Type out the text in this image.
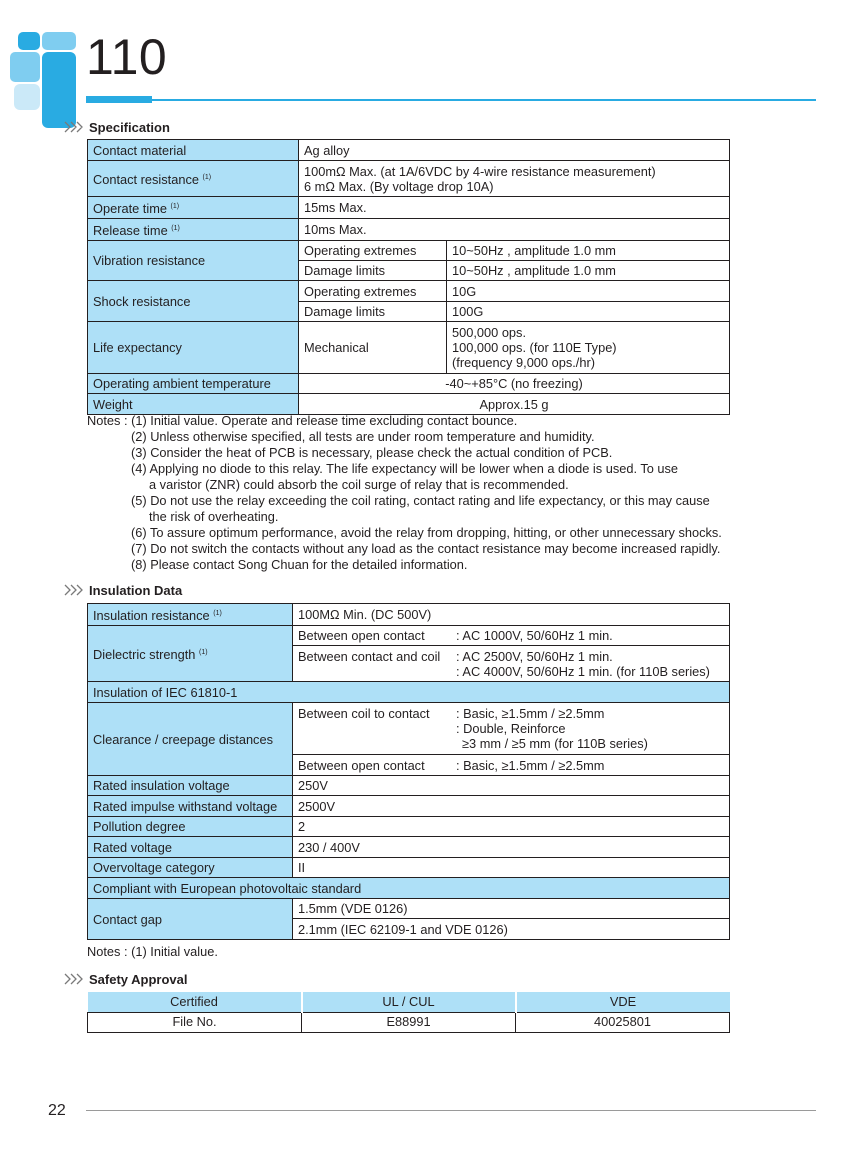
110
Specification
Contact material	Ag alloy	
Contact resistance $^{(1)}$	100mΩ Max. (at 1A/6VDC by 4-wire resistance measurement)
6 mΩ Max. (By voltage drop 10A)	

Operate time $^{(1)}$	15ms Max.	
Release time $^{(1)}$	10ms Max.	
Vibration resistance	Operating extremes	10~50Hz , amplitude 1.0 mm
	Damage limits	10~50Hz , amplitude 1.0 mm
Shock resistance	Operating extremes	10G
	Damage limits	100G
Life expectancy	Mechanical	500,000 ops.
100,000 ops. (for 110E Type)
(frequency 9,000 ops./hr)

Operating ambient temperature	-40~+85°C (no freezing)	
Weight	Approx.15 g	
Notes : (1) Initial value. Operate and release time excluding contact bounce.
(2) Unless otherwise specified, all tests are under room temperature and humidity.
(3) Consider the heat of PCB is necessary, please check the actual condition of PCB.
(4) Applying no diode to this relay. The life expectancy will be lower when a diode is used. To use
a varistor (ZNR) could absorb the coil surge of relay that is recommended.
(5) Do not use the relay exceeding the coil rating, contact rating and life expectancy, or this may cause
the risk of overheating.
(6) To assure optimum performance, avoid the relay from dropping, hitting, or other unnecessary shocks.
(7) Do not switch the contacts without any load as the contact resistance may become increased rapidly.
(8) Please contact Song Chuan for the detailed information.
Insulation Data
Insulation resistance $^{(1)}$	100MΩ Min. (DC 500V)
Dielectric strength $^{(1)}$	Between open contact : AC 1000V, 50/60Hz 1 min.

	Between contact and coil : AC 2500V, 50/60Hz 1 min.
: AC 4000V, 50/60Hz 1 min. (for 110B series)

Insulation of IEC 61810-1	
Clearance / creepage distances	Between coil to contact : Basic, ≥1.5mm / ≥2.5mm
: Double, Reinforce
≥3 mm / ≥5 mm (for 110B series)

	Between open contact : Basic, ≥1.5mm / ≥2.5mm

Rated insulation voltage	250V
Rated impulse withstand voltage	2500V
Pollution degree	2
Rated voltage	230 / 400V
Overvoltage category	II
Compliant with European photovoltaic standard	
Contact gap	1.5mm (VDE 0126)
	2.1mm (IEC 62109-1 and VDE 0126)
Notes : (1) Initial value.
Safety Approval
Certified	UL / CUL	VDE
File No.	E88991	40025801
22
